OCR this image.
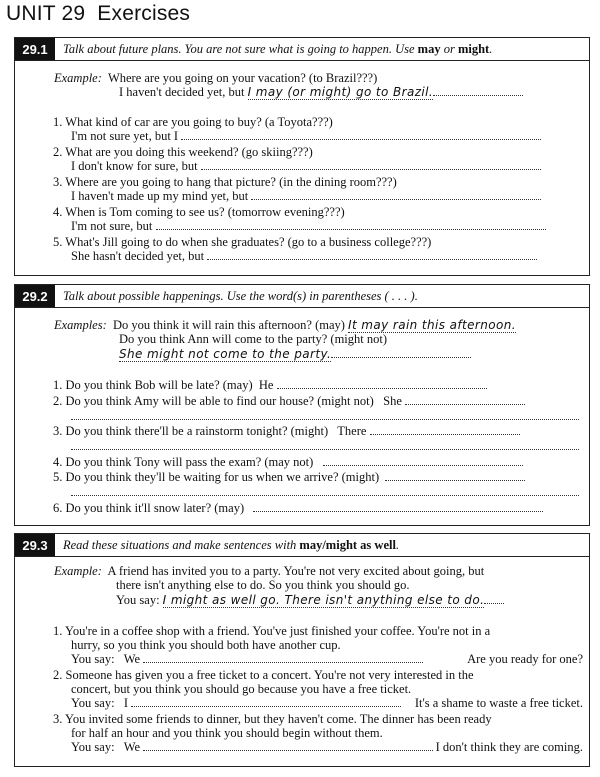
UNIT 29 Exercises
29.1	Talk about future plans. You are not sure what is going to happen. Use may or might.
Example: Where are you going on your vacation? (to Brazil???)
I haven't decided yet, but I may (or might) go to Brazil.
1. What kind of car are you going to buy? (a Toyota???)
I'm not sure yet, but I
2. What are you doing this weekend? (go skiing???)
I don't know for sure, but
3. Where are you going to hang that picture? (in the dining room???)
I haven't made up my mind yet, but
4. When is Tom coming to see us? (tomorrow evening???)
I'm not sure, but
5. What's Jill going to do when she graduates? (go to a business college???)
She hasn't decided yet, but
29.2	Talk about possible happenings. Use the word(s) in parentheses ( . . . ).
Examples: Do you think it will rain this afternoon? (may) It may rain this afternoon.
Do you think Ann will come to the party? (might not)
She might not come to the party.
1. Do you think Bob will be late? (may) He
2. Do you think Amy will be able to find our house? (might not) She
3. Do you think there'll be a rainstorm tonight? (might) There
4. Do you think Tony will pass the exam? (may not)
5. Do you think they'll be waiting for us when we arrive? (might)
6. Do you think it'll snow later? (may)
29.3	Read these situations and make sentences with may/might as well.
Example: A friend has invited you to a party. You're not very excited about going, but
there isn't anything else to do. So you think you should go.
You say: I might as well go. There isn't anything else to do.
1. You're in a coffee shop with a friend. You've just finished your coffee. You're not in a
hurry, so you think you should both have another cup.
You say: We	Are you ready for one?
2. Someone has given you a free ticket to a concert. You're not very interested in the
concert, but you think you should go because you have a free ticket.
You say: I	It's a shame to waste a free ticket.
3. You invited some friends to dinner, but they haven't come. The dinner has been ready
for half an hour and you think you should begin without them.
You say: We	I don't think they are coming.
